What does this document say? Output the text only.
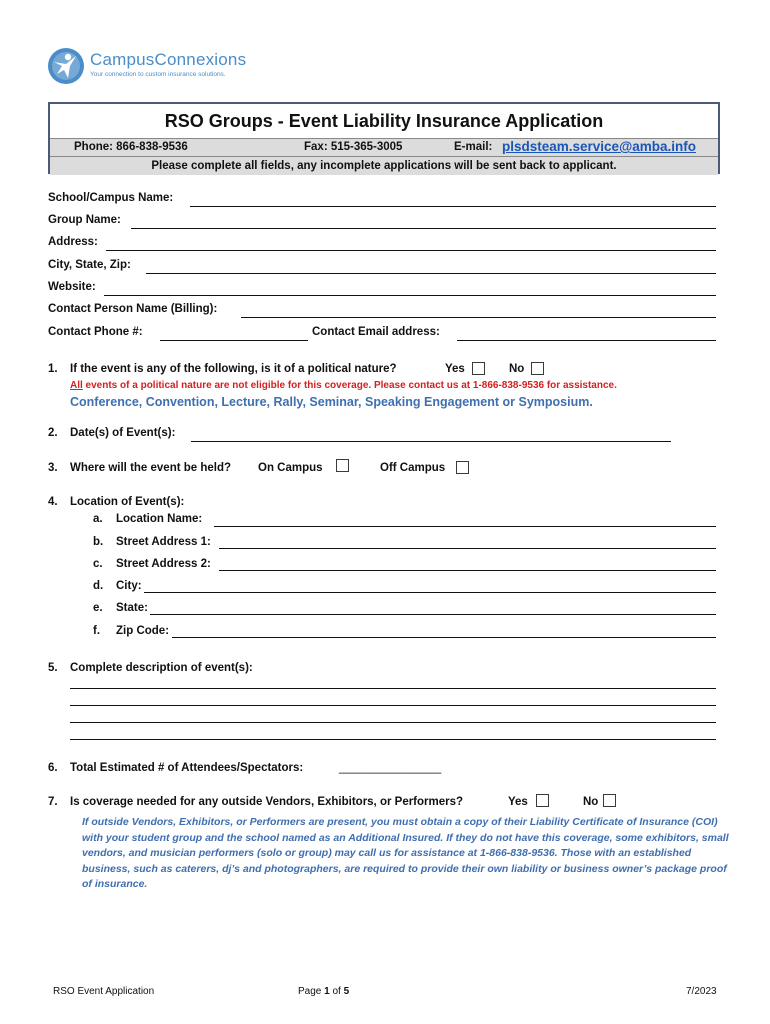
CampusConnexions
Your connection to custom insurance solutions.
RSO Groups - Event Liability Insurance Application
Phone: 866-838-9536	Fax: 515-365-3005	E-mail: plsdsteam.service@amba.info
Please complete all fields, any incomplete applications will be sent back to applicant.
School/Campus Name:
Group Name:
Address:
City, State, Zip:
Website:
Contact Person Name (Billing):
Contact Phone #:	Contact Email address:
1. If the event is any of the following, is it of a political nature?	Yes	No
All events of a political nature are not eligible for this coverage. Please contact us at 1-866-838-9536 for assistance.
Conference, Convention, Lecture, Rally, Seminar, Speaking Engagement or Symposium.
2. Date(s) of Event(s):
3. Where will the event be held? On Campus	Off Campus
4. Location of Event(s):
a. Location Name:
b. Street Address 1:
c. Street Address 2:
d. City:
e. State:
f. Zip Code:
5. Complete description of event(s):
6. Total Estimated # of Attendees/Spectators:	________________
7. Is coverage needed for any outside Vendors, Exhibitors, or Performers?	Yes	No
If outside Vendors, Exhibitors, or Performers are present, you must obtain a copy of their Liability Certificate of Insurance (COI) with your student group and the school named as an Additional Insured. If they do not have this coverage, some exhibitors, small vendors, and musician performers (solo or group) may call us for assistance at 1-866-838-9536. Those with an established business, such as caterers, dj’s and photographers, are required to provide their own liability or business owner’s package proof of insurance.
RSO Event Application	Page 1 of 5	7/2023
